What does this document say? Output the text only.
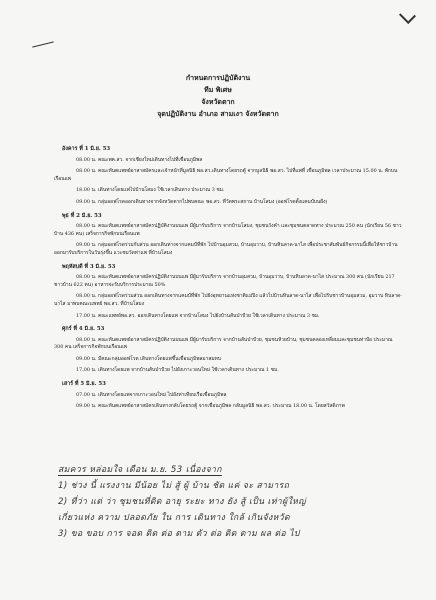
กำหนดการปฏิบัติงาน
ทีม พิเศษ
จังหวัดตาก
จุดปฏิบัติงาน อำเภอ สามเงา จังหวัดตาก
อังคาร ที่ 1 มิ.ย. 53
08.00 น. คณะพค.สว. จากเชียงใหม่เดินทางไปที่เขื่อนภูมิพล
08.00 น. คณะทันตแพทย์อาสาสมัครและเจ้าหน้าที่มูลนิธิ พอ.สว.เดินทางโดยรถตู้ จากมูลนิธิ พอ.สว. ไปที่แพที่ เขื่อนภูมิพล เวลาประมาณ 15.00 น. พักบนเรือนแพ
18.00 น. เดินทางโดยเเพไปบ้านโสมง ใช้เวลาเดินทาง ประมาณ 3 ชม.
09.00 น. กลุ่มออฟโรดออกเดินทางจากจังหวัดตากไปพบคณะ พอ.สว. ที่วัดพระสถาน บ้านโสมง (ออฟโรดตั้งแคมป์บนฝั่ง)
พุธ ที่ 2 มิ.ย. 53
08.00 น. คณะทันตแพทย์อาสาสมัครปฏิบัติงานบนแพ มีผู้มารับบริการ จากบ้านโสมง, ชุมชนวังคำ และชุมชนตลาดทาง ประมาณ 250 คน (นักเรียน 56 ชาวบ้าน 436 คน) เสร็จการกิจพักบนเรือนแพ
09.00 น. กลุ่มออฟโรดร่วมกับส่วน ออกเดินทางจากแคมป์ที่พัก ไปบ้านอุมสวม, บ้านอุมวาบ, บ้านหินลาด-นาไส เพื่อประชาสัมพันธ์กิจกรรมนี้เพื่อให้ชาวบ้านออกมารับบริการในวันรุ่งขึ้น แวะชมวัดท่าแพ ที่บ้านโสมง
พฤหัสบดี ที่ 3 มิ.ย. 53
08.00 น. คณะทันตแพทย์อาสาสมัครปฏิบัติงานบนแพ มีผู้มารับบริการ จากบ้านอุมสวม, บ้านอุมวาบ, บ้านหินลาด-นาไส ประมาณ 300 คน (นักเรียน 217 ชาวบ้าน 622 คน) อาหารจะรับบริการประมาณ 50%
08.00 น. กลุ่มออฟโรดร่วมส่วน ออกเดินทางจากแคมป์ที่พัก ไปยังอุทยานแห่งชาติแม่ปิง แล้วไปบ้านหินลาด-นาไส เพื่อไปรับชาวบ้านอุมสวม, อุมวาบ หินลาด-นาไส มาพบคณะแพทย์ พอ.สว. ที่บ้านโสมง
17.00 น. คณะแพทย์พอ.สว. ออกเดินทางโดยแพ จากบ้านโสมง ไปยังบ้านสันป่าป้วย ใช้เวลาเดินทาง ประมาณ 3 ชม.
ศุกร์ ที่ 4 มิ.ย. 53
08.00 น. คณะทันตแพทย์อาสาสมัครปฏิบัติงานบนแพ มีผู้มารับบริการ จากบ้านสันป่าป้วย, ชุมชนห้วยบ้าน, ชุมชนคลองเหลี่ยมและชุมชนท่าป้อ ประมาณ 300 คน เสร็จการกิจพักบนเรือนแพ
09.00 น. มีคณะกลุ่มออฟโรด เดินทางโดยแพขึ้นเขื่อนภูมิพลมาสมทบ
17.00 น. เดินทางโดยแพ จากบ้านสันป่าป้วย ไปยังเกาะวอนใหม่ ใช้เวลาเดินทาง ประมาณ 1 ชม.
เสาร์ ที่ 5 มิ.ย. 53
07.00 น. เดินทางโดยแพจากเกาะวอนใหม่ ไปยังท่าเทียบเรือเขื่อนภูมิพล
09.00 น. คณะทันตแพทย์อาสาสมัครเดินทางกลับโดยรถตู้ จากเขื่อนภูมิพล กลับมูลนิธิ พอ.สว. ประมาณ 18.00 น. โดยสวัสดิภาพ
สมควร หล่อมใจ เดือน ม.ย. 53 เนื่องจาก
1) ช่วง นี้ แรงงาน มีน้อย ไม่ สู้ ผู้ บ้าน ชัด แค่ จะ สามารถ
2) ที่ว่า แต่ ว่า ชุมชนที่ติด อายุ ระยะ ทาง ยัง สู้ เป็น เท่าผู้ใหญ่
เกี่ยวแห่ง ความ ปลอดภัย ใน การ เดินทาง ใกล้ เกินจังหวัด
3) ขอ ขอบ การ จอด ติด ต่อ ตาม ตัว ต่อ ติด ตาม ผล ต่อ ไป
